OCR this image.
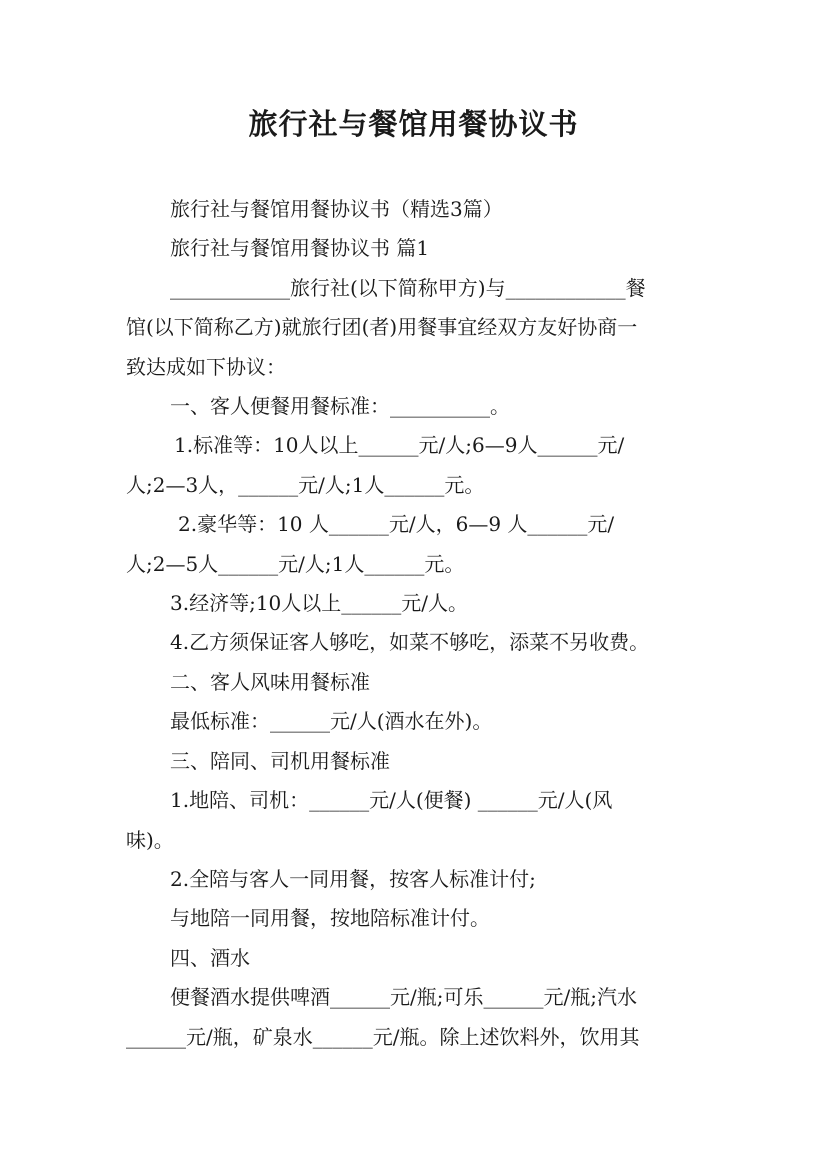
旅行社与餐馆用餐协议书

旅行社与餐馆用餐协议书（精选3篇）

旅行社与餐馆用餐协议书 篇1

____________旅行社(以下简称甲方)与____________餐

馆(以下简称乙方)就旅行团(者)用餐事宜经双方友好协商一

致达成如下协议：

一、客人便餐用餐标准：__________。

1.标准等：10人以上______元/人;6—9人______元/

人;2—3人，______元/人;1人______元。

2.豪华等：10 人______元/人，6—9 人______元/

人;2—5人______元/人;1人______元。

3.经济等;10人以上______元/人。

4.乙方须保证客人够吃，如菜不够吃，添菜不另收费。

二、客人风味用餐标准

最低标准：______元/人(酒水在外)。

三、陪同、司机用餐标准

1.地陪、司机：______元/人(便餐) ______元/人(风

味)。

2.全陪与客人一同用餐，按客人标准计付;

与地陪一同用餐，按地陪标准计付。

四、酒水

便餐酒水提供啤酒______元/瓶;可乐______元/瓶;汽水

______元/瓶，矿泉水______元/瓶。除上述饮料外，饮用其
